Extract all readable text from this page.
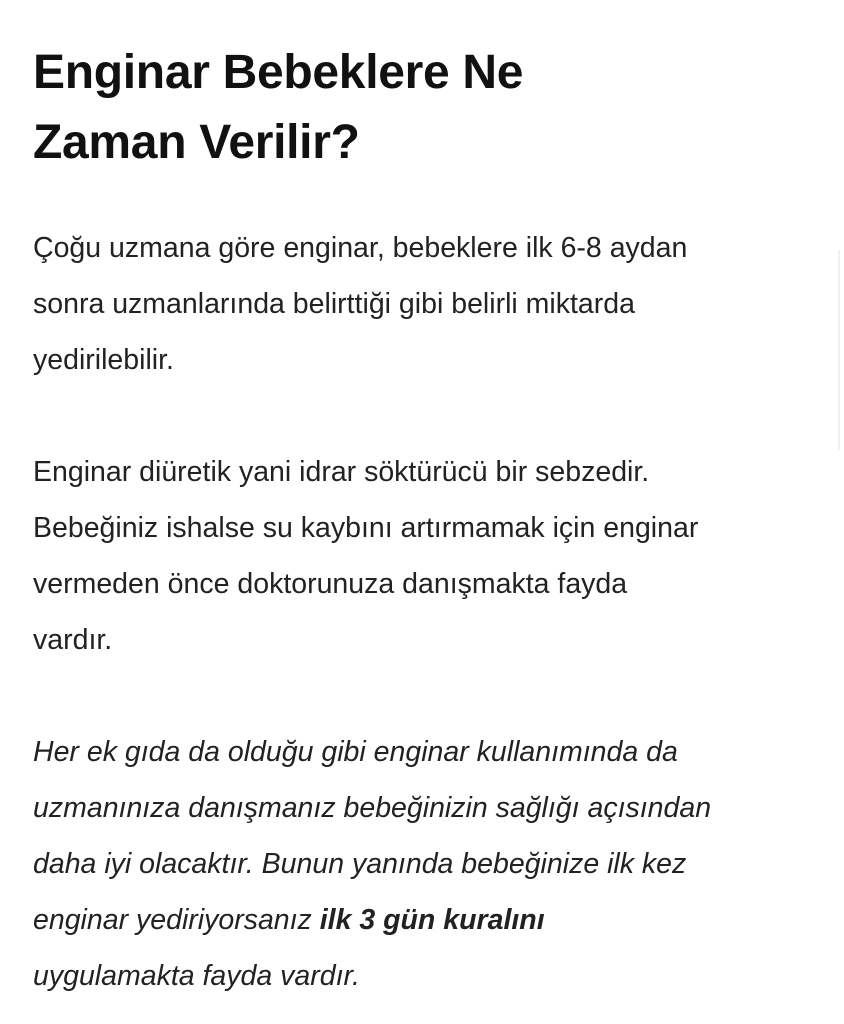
Enginar Bebeklere Ne
Zaman Verilir?

Çoğu uzmana göre enginar, bebeklere ilk 6-8 aydan
sonra uzmanlarında belirttiği gibi belirli miktarda
yedirilebilir.

Enginar diüretik yani idrar söktürücü bir sebzedir.
Bebeğiniz ishalse su kaybını artırmamak için enginar
vermeden önce doktorunuza danışmakta fayda
vardır.

Her ek gıda da olduğu gibi enginar kullanımında da
uzmanınıza danışmanız bebeğinizin sağlığı açısından
daha iyi olacaktır. Bunun yanında bebeğinize ilk kez
enginar yediriyorsanız ilk 3 gün kuralını
uygulamakta fayda vardır.
